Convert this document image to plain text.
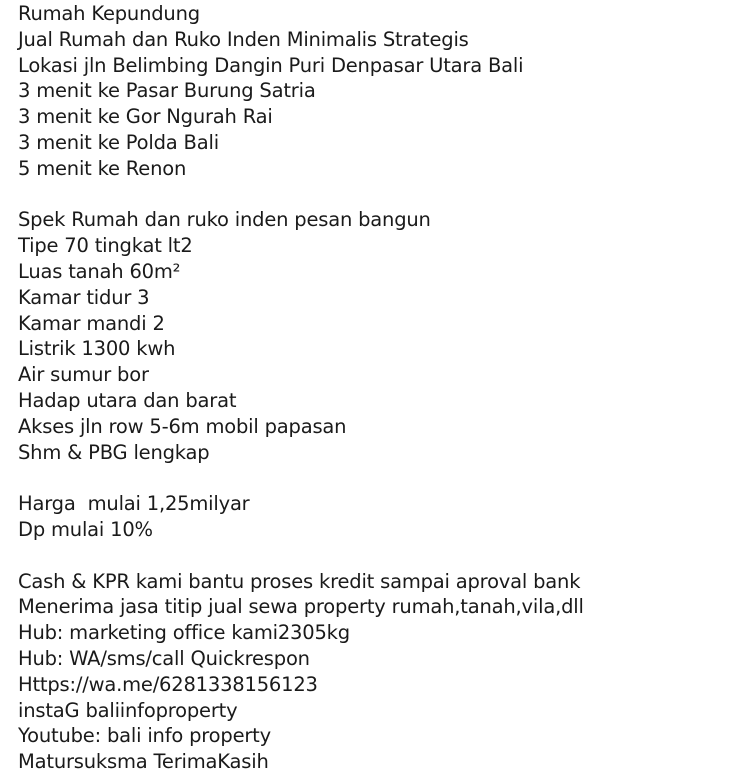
Rumah Kepundung
Jual Rumah dan Ruko Inden Minimalis Strategis
Lokasi jln Belimbing Dangin Puri Denpasar Utara Bali
3 menit ke Pasar Burung Satria
3 menit ke Gor Ngurah Rai
3 menit ke Polda Bali
5 menit ke Renon
Spek Rumah dan ruko inden pesan bangun
Tipe 70 tingkat lt2
Luas tanah 60m²
Kamar tidur 3
Kamar mandi 2
Listrik 1300 kwh
Air sumur bor
Hadap utara dan barat
Akses jln row 5-6m mobil papasan
Shm & PBG lengkap
Harga  mulai 1,25milyar
Dp mulai 10%
Cash & KPR kami bantu proses kredit sampai aproval bank
Menerima jasa titip jual sewa property rumah,tanah,vila,dll
Hub: marketing office kami2305kg
Hub: WA/sms/call Quickrespon
Https://wa.me/6281338156123
instaG baliinfoproperty
Youtube: bali info property
Matursuksma TerimaKasih
